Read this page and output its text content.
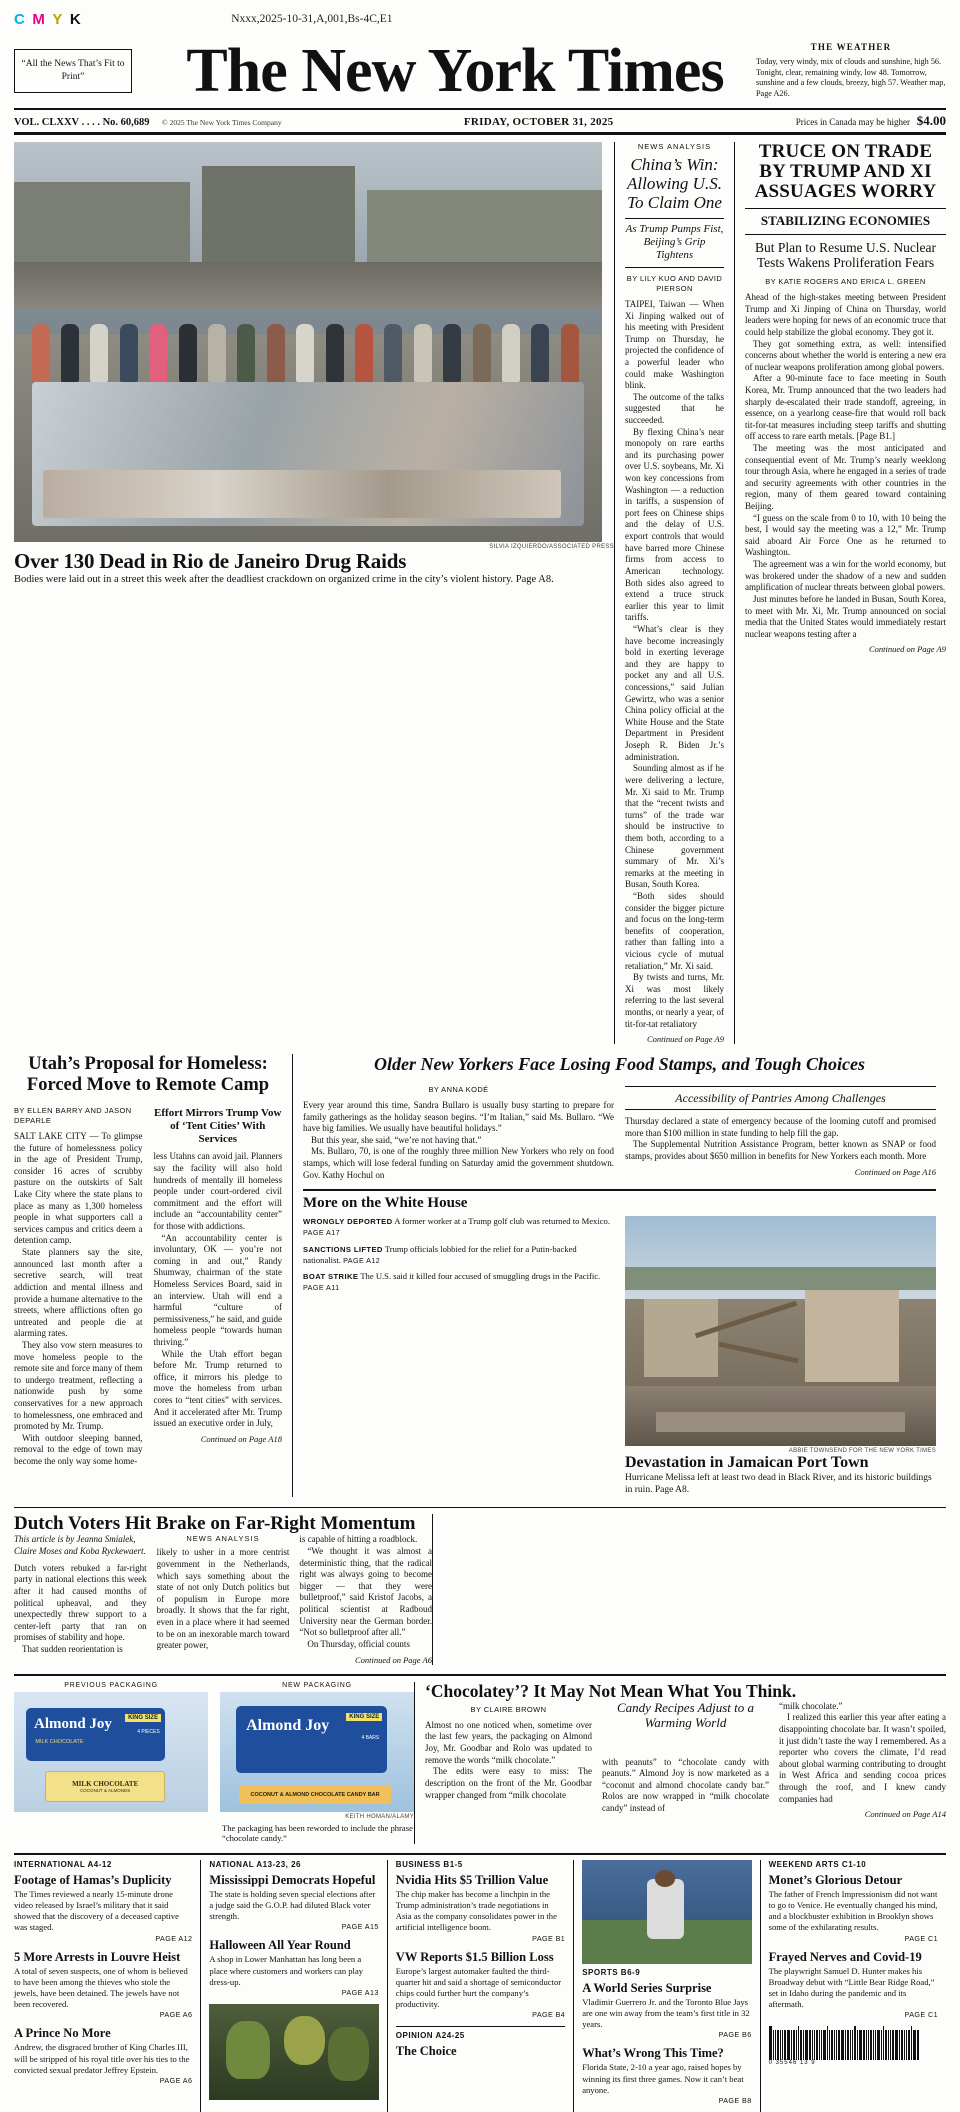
C M Y K	Nxxx,2025-10-31,A,001,Bs-4C,E1
“All the News That’s Fit to Print”	The New York Times	THE WEATHER
Today, very windy, mix of clouds and sunshine, high 56. Tonight, clear, remaining windy, low 48. Tomorrow, sunshine and a few clouds, breezy, high 57. Weather map, Page A26.
VOL. CLXXV . . . . No. 60,689 © 2025 The New York Times Company	FRIDAY, OCTOBER 31, 2025	Prices in Canada may be higher $4.00
SILVIA IZQUIERDO/ASSOCIATED PRESS
Over 130 Dead in Rio de Janeiro Drug Raids
Bodies were laid out in a street this week after the deadliest crackdown on organized crime in the city’s violent history. Page A8.
NEWS ANALYSIS
China’s Win: Allowing U.S. To Claim One
As Trump Pumps Fist, Beijing’s Grip Tightens
BY LILY KUO AND DAVID PIERSON

TAIPEI, Taiwan — When Xi Jinping walked out of his meeting with President Trump on Thursday, he projected the confidence of a powerful leader who could make Washington blink.

The outcome of the talks suggested that he succeeded.

By flexing China’s near monopoly on rare earths and its purchasing power over U.S. soybeans, Mr. Xi won key concessions from Washington — a reduction in tariffs, a suspension of port fees on Chinese ships and the delay of U.S. export controls that would have barred more Chinese firms from access to American technology. Both sides also agreed to extend a truce struck earlier this year to limit tariffs.

“What’s clear is they have become increasingly bold in exerting leverage and they are happy to pocket any and all U.S. concessions,” said Julian Gewirtz, who was a senior China policy official at the White House and the State Department in President Joseph R. Biden Jr.’s administration.

Sounding almost as if he were delivering a lecture, Mr. Xi said to Mr. Trump that the “recent twists and turns” of the trade war should be instructive to them both, according to a Chinese government summary of Mr. Xi’s remarks at the meeting in Busan, South Korea.

“Both sides should consider the bigger picture and focus on the long-term benefits of cooperation, rather than falling into a vicious cycle of mutual retaliation,” Mr. Xi said.

By twists and turns, Mr. Xi was most likely referring to the last several months, or nearly a year, of tit-for-tat retaliatory

Continued on Page A9
TRUCE ON TRADE BY TRUMP AND XI ASSUAGES WORRY
STABILIZING ECONOMIES
But Plan to Resume U.S. Nuclear Tests Wakens Proliferation Fears
BY KATIE ROGERS AND ERICA L. GREEN

Ahead of the high-stakes meeting between President Trump and Xi Jinping of China on Thursday, world leaders were hoping for news of an economic truce that could help stabilize the global economy. They got it.

They got something extra, as well: intensified concerns about whether the world is entering a new era of nuclear weapons proliferation among global powers.

After a 90-minute face to face meeting in South Korea, Mr. Trump announced that the two leaders had sharply de-escalated their trade standoff, agreeing, in essence, on a yearlong cease-fire that would roll back tit-for-tat measures including steep tariffs and shutting off access to rare earth metals. [Page B1.]

The meeting was the most anticipated and consequential event of Mr. Trump’s nearly weeklong tour through Asia, where he engaged in a series of trade and security agreements with other countries in the region, many of them geared toward containing Beijing.

“I guess on the scale from 0 to 10, with 10 being the best, I would say the meeting was a 12,” Mr. Trump said aboard Air Force One as he returned to Washington.

The agreement was a win for the world economy, but was brokered under the shadow of a new and sudden amplification of nuclear threats between global powers.

Just minutes before he landed in Busan, South Korea, to meet with Mr. Xi, Mr. Trump announced on social media that the United States would immediately restart nuclear weapons testing after a

Continued on Page A9
Utah’s Proposal for Homeless: Forced Move to Remote Camp
BY ELLEN BARRY AND JASON DEPARLE

SALT LAKE CITY — To glimpse the future of homelessness policy in the age of President Trump, consider 16 acres of scrubby pasture on the outskirts of Salt Lake City where the state plans to place as many as 1,300 homeless people in what supporters call a services campus and critics deem a detention camp.

State planners say the site, announced last month after a secretive search, will treat addiction and mental illness and provide a humane alternative to the streets, where afflictions often go untreated and people die at alarming rates.

They also vow stern measures to move homeless people to the remote site and force many of them to undergo treatment, reflecting a nationwide push by some conservatives for a new approach to homelessness, one embraced and promoted by Mr. Trump.

With outdoor sleeping banned, removal to the edge of town may become the only way some home-

Effort Mirrors Trump Vow of ‘Tent Cities’ With Services

less Utahns can avoid jail. Planners say the facility will also hold hundreds of mentally ill homeless people under court-ordered civil commitment and the effort will include an “accountability center” for those with addictions.

“An accountability center is involuntary, OK — you’re not coming in and out,” Randy Shumway, chairman of the state Homeless Services Board, said in an interview. Utah will end a harmful “culture of permissiveness,” he said, and guide homeless people “towards human thriving.”

While the Utah effort began before Mr. Trump returned to office, it mirrors his pledge to move the homeless from urban cores to “tent cities” with services. And it accelerated after Mr. Trump issued an executive order in July,

Continued on Page A18
Older New Yorkers Face Losing Food Stamps, and Tough Choices
BY ANNA KODÉ

Every year around this time, Sandra Bullaro is usually busy starting to prepare for family gatherings as the holiday season begins. “I’m Italian,” said Ms. Bullaro. “We have big families. We usually have beautiful holidays.”

But this year, she said, “we’re not having that.”

Ms. Bullaro, 70, is one of the roughly three million New Yorkers who rely on food stamps, which will lose federal funding on Saturday amid the government shutdown. Gov. Kathy Hochul on

Accessibility of Pantries Among Challenges

Thursday declared a state of emergency because of the looming cutoff and promised more than $100 million in state funding to help fill the gap.

The Supplemental Nutrition Assistance Program, better known as SNAP or food stamps, provides about $650 million in benefits for New Yorkers each month. More

Continued on Page A16
More on the White House
WRONGLY DEPORTED A former worker at a Trump golf club was returned to Mexico. PAGE A17
SANCTIONS LIFTED Trump officials lobbied for the relief for a Putin-backed nationalist. PAGE A12
BOAT STRIKE The U.S. said it killed four accused of smuggling drugs in the Pacific. PAGE A11
ABBIE TOWNSEND FOR THE NEW YORK TIMES
Devastation in Jamaican Port Town
Hurricane Melissa left at least two dead in Black River, and its historic buildings in ruin. Page A8.
Dutch Voters Hit Brake on Far-Right Momentum
This article is by Jeanna Smialek, Claire Moses and Koba Ryckewaert.

Dutch voters rebuked a far-right party in national elections this week after it had caused months of political upheaval, and they unexpectedly threw support to a center-left party that ran on promises of stability and hope.

That sudden reorientation is

NEWS ANALYSIS

likely to usher in a more centrist government in the Netherlands, which says something about the state of not only Dutch politics but of populism in Europe more broadly. It shows that the far right, even in a place where it had seemed to be on an inexorable march toward greater power,

is capable of hitting a roadblock.

“We thought it was almost a deterministic thing, that the radical right was always going to become bigger — that they were bulletproof,” said Kristof Jacobs, a political scientist at Radboud University near the German border. “Not so bulletproof after all.”

On Thursday, official counts

Continued on Page A6
PREVIOUS PACKAGING
Almond Joy
MILK CHOCOLATE
KING SIZE
4 PIECES
MILK CHOCOLATE
COCONUT & ALMONDS
NEW PACKAGING
Almond Joy
KING SIZE
4 BARS
COCONUT & ALMOND CHOCOLATE CANDY BAR
KEITH HOMAN/ALAMY
The packaging has been reworded to include the phrase “chocolate candy.”
‘Chocolatey’? It May Not Mean What You Think.
BY CLAIRE BROWN

Almost no one noticed when, sometime over the last few years, the packaging on Almond Joy, Mr. Goodbar and Rolo was updated to remove the words “milk chocolate.”

The edits were easy to miss: The description on the front of the Mr. Goodbar wrapper changed from “milk chocolate

Candy Recipes Adjust to a Warming World

with peanuts” to “chocolate candy with peanuts.” Almond Joy is now marketed as a “coconut and almond chocolate candy bar.” Rolos are now wrapped in “milk chocolate candy” instead of

“milk chocolate.”

I realized this earlier this year after eating a disappointing chocolate bar. It wasn’t spoiled, it just didn’t taste the way I remembered. As a reporter who covers the climate, I’d read about global warming contributing to drought in West Africa and sending cocoa prices through the roof, and I knew candy companies had

Continued on Page A14
INTERNATIONAL A4-12
Footage of Hamas’s Duplicity
The Times reviewed a nearly 15-minute drone video released by Israel’s military that it said showed that the discovery of a deceased captive was staged.
PAGE A12
5 More Arrests in Louvre Heist
A total of seven suspects, one of whom is believed to have been among the thieves who stole the jewels, have been detained. The jewels have not been recovered.
PAGE A6
A Prince No More
Andrew, the disgraced brother of King Charles III, will be stripped of his royal title over his ties to the convicted sexual predator Jeffrey Epstein.
PAGE A6
NATIONAL A13-23, 26
Mississippi Democrats Hopeful
The state is holding seven special elections after a judge said the G.O.P. had diluted Black voter strength.
PAGE A15
Halloween All Year Round
A shop in Lower Manhattan has long been a place where customers and workers can play dress-up.
PAGE A13
BUSINESS B1-5
Nvidia Hits $5 Trillion Value
The chip maker has become a linchpin in the Trump administration’s trade negotiations in Asia as the company consolidates power in the artificial intelligence boom.
PAGE B1
VW Reports $1.5 Billion Loss
Europe’s largest automaker faulted the third-quarter hit and said a shortage of semiconductor chips could further hurt the company’s productivity.
PAGE B4
OPINION A24-25
The Choice
SPORTS B6-9
A World Series Surprise
Vladimir Guerrero Jr. and the Toronto Blue Jays are one win away from the team’s first title in 32 years.
PAGE B6
What’s Wrong This Time?
Florida State, 2-10 a year ago, raised hopes by winning its first three games. Now it can’t beat anyone.
PAGE B8
WEEKEND ARTS C1-10
Monet’s Glorious Detour
The father of French Impressionism did not want to go to Venice. He eventually changed his mind, and a blockbuster exhibition in Brooklyn shows some of the exhilarating results.
PAGE C1
Frayed Nerves and Covid-19
The playwright Samuel D. Hunter makes his Broadway debut with “Little Bear Ridge Road,” set in Idaho during the pandemic and its aftermath.
PAGE C1
0 35546 13 9
